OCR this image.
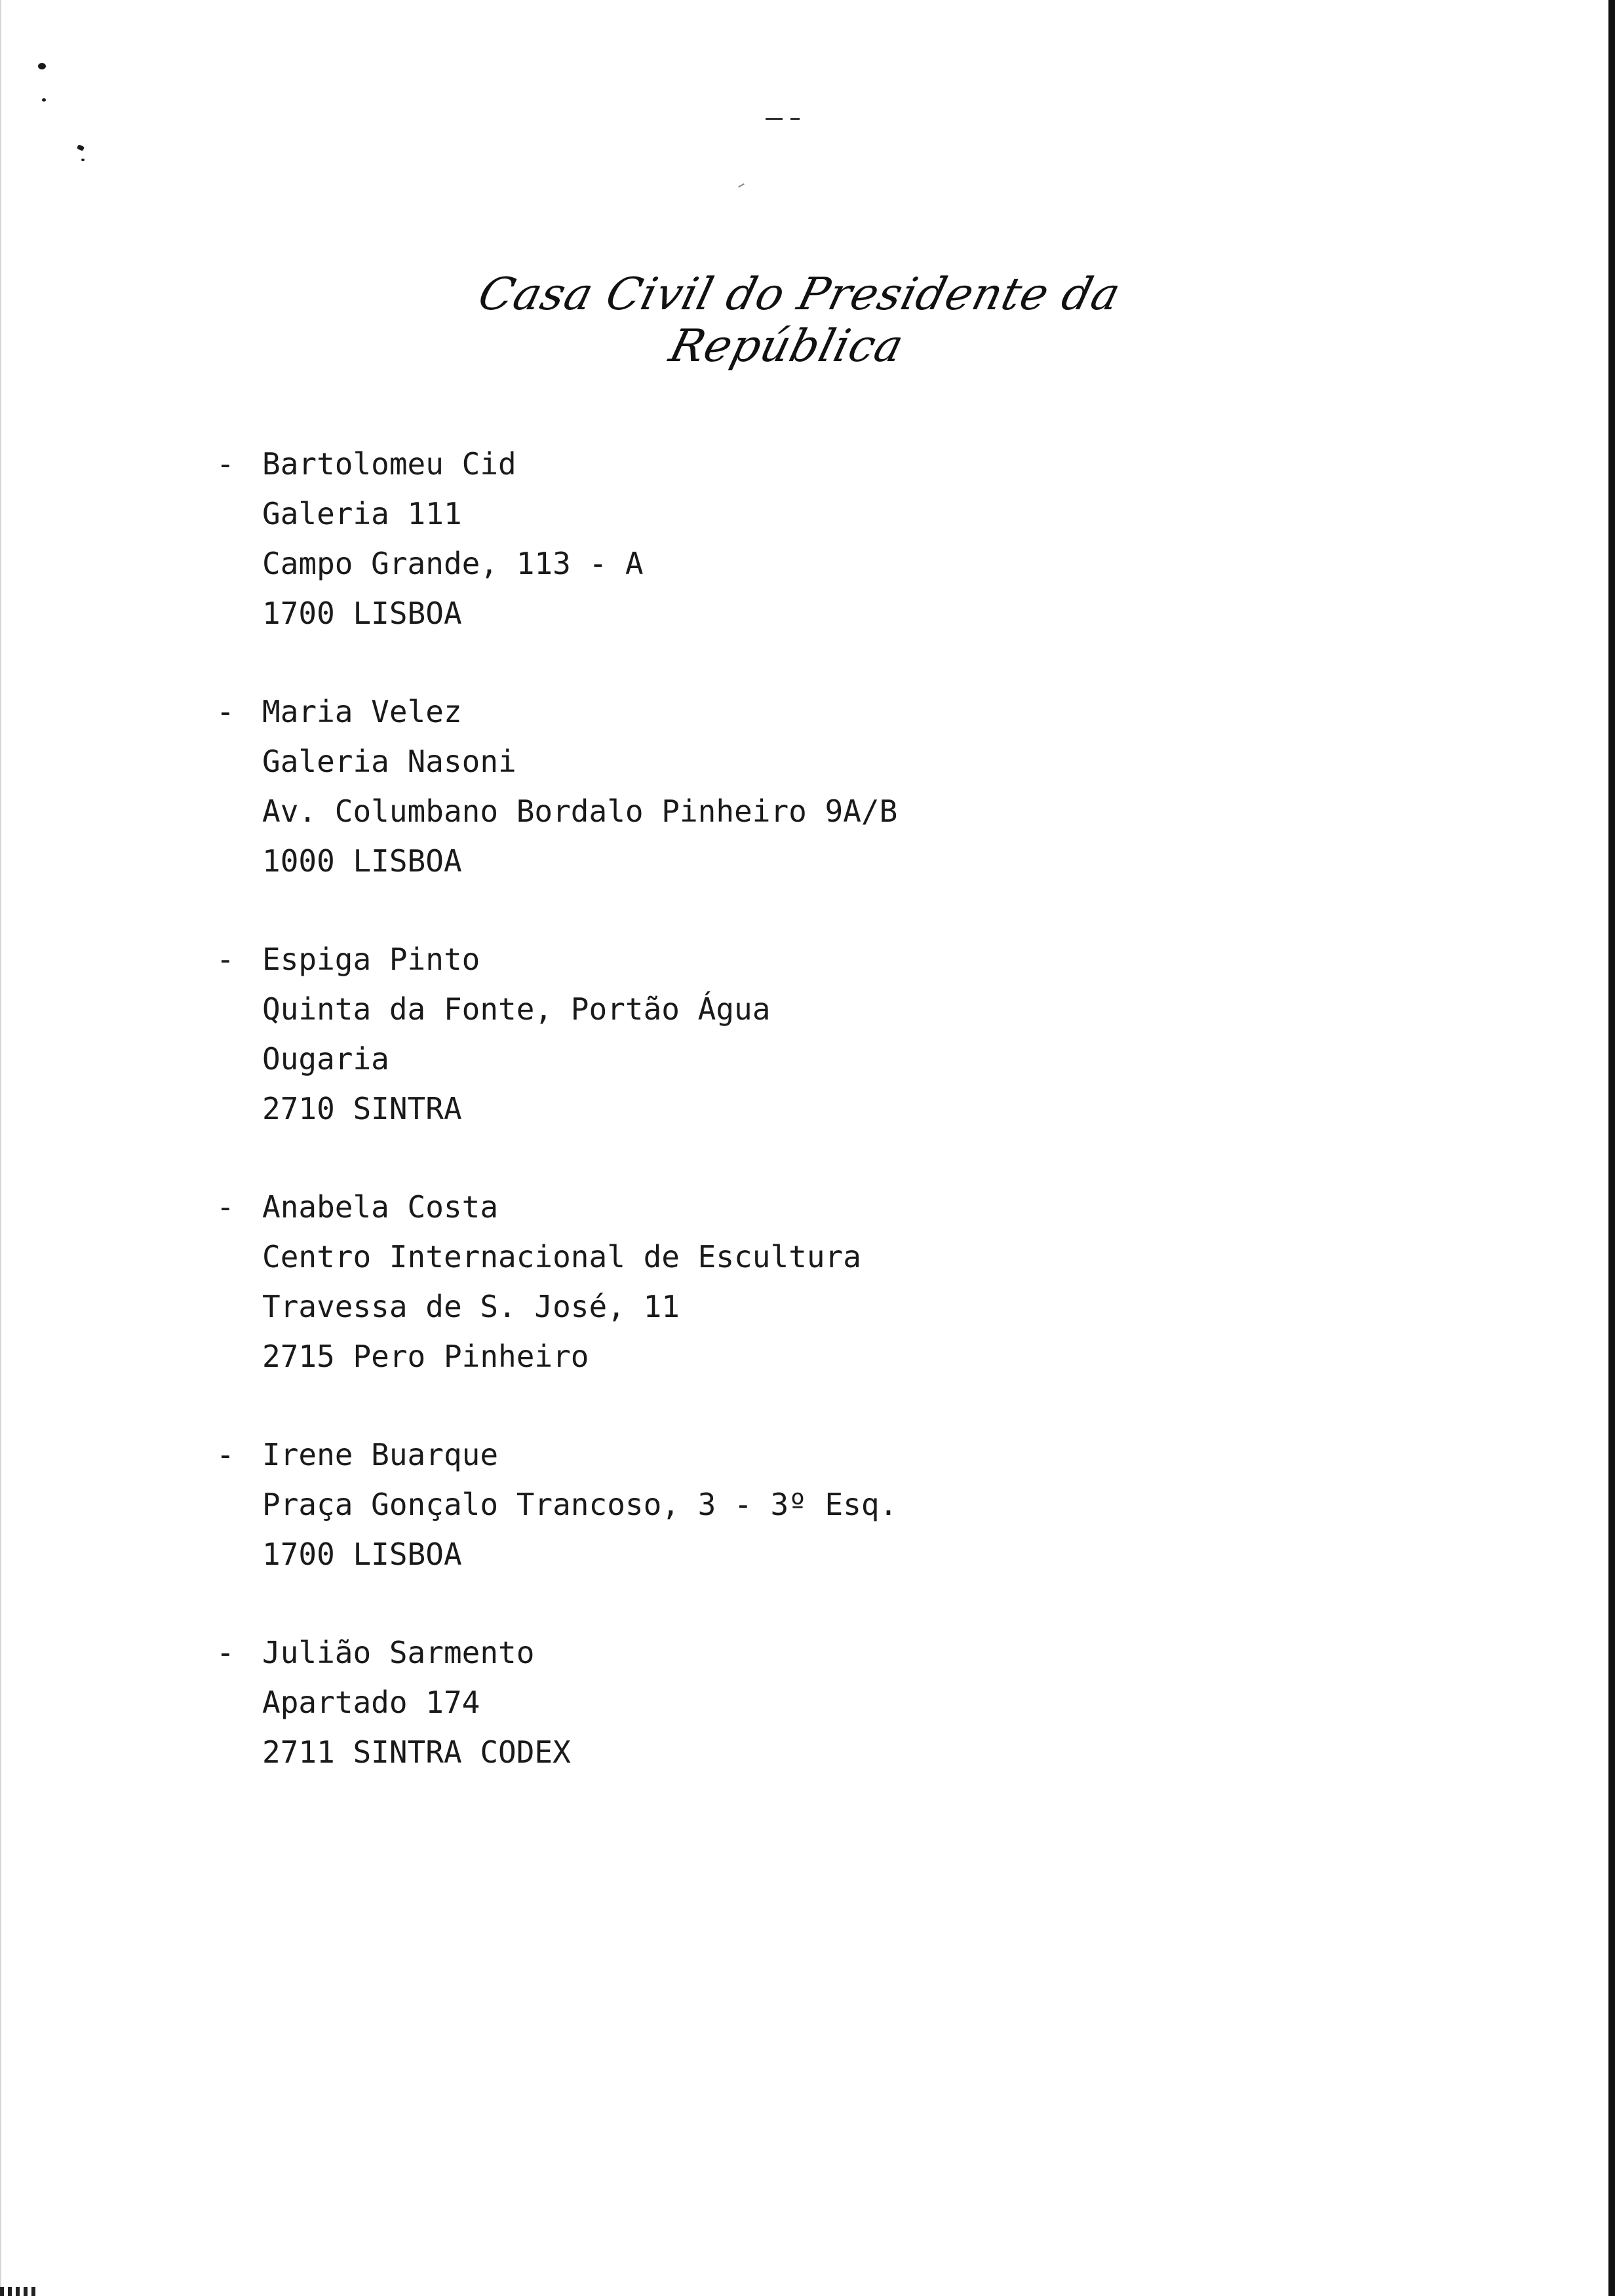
Casa Civil do Presidente da República
- Bartolomeu Cid
Galeria 111
Campo Grande, 113 - A
1700 LISBOA
- Maria Velez
Galeria Nasoni
Av. Columbano Bordalo Pinheiro 9A/B
1000 LISBOA
- Espiga Pinto
Quinta da Fonte, Portão Água
Ougaria
2710 SINTRA
- Anabela Costa
Centro Internacional de Escultura
Travessa de S. José, 11
2715 Pero Pinheiro
- Irene Buarque
Praça Gonçalo Trancoso, 3 - 3º Esq.
1700 LISBOA
- Julião Sarmento
Apartado 174
2711 SINTRA CODEX
